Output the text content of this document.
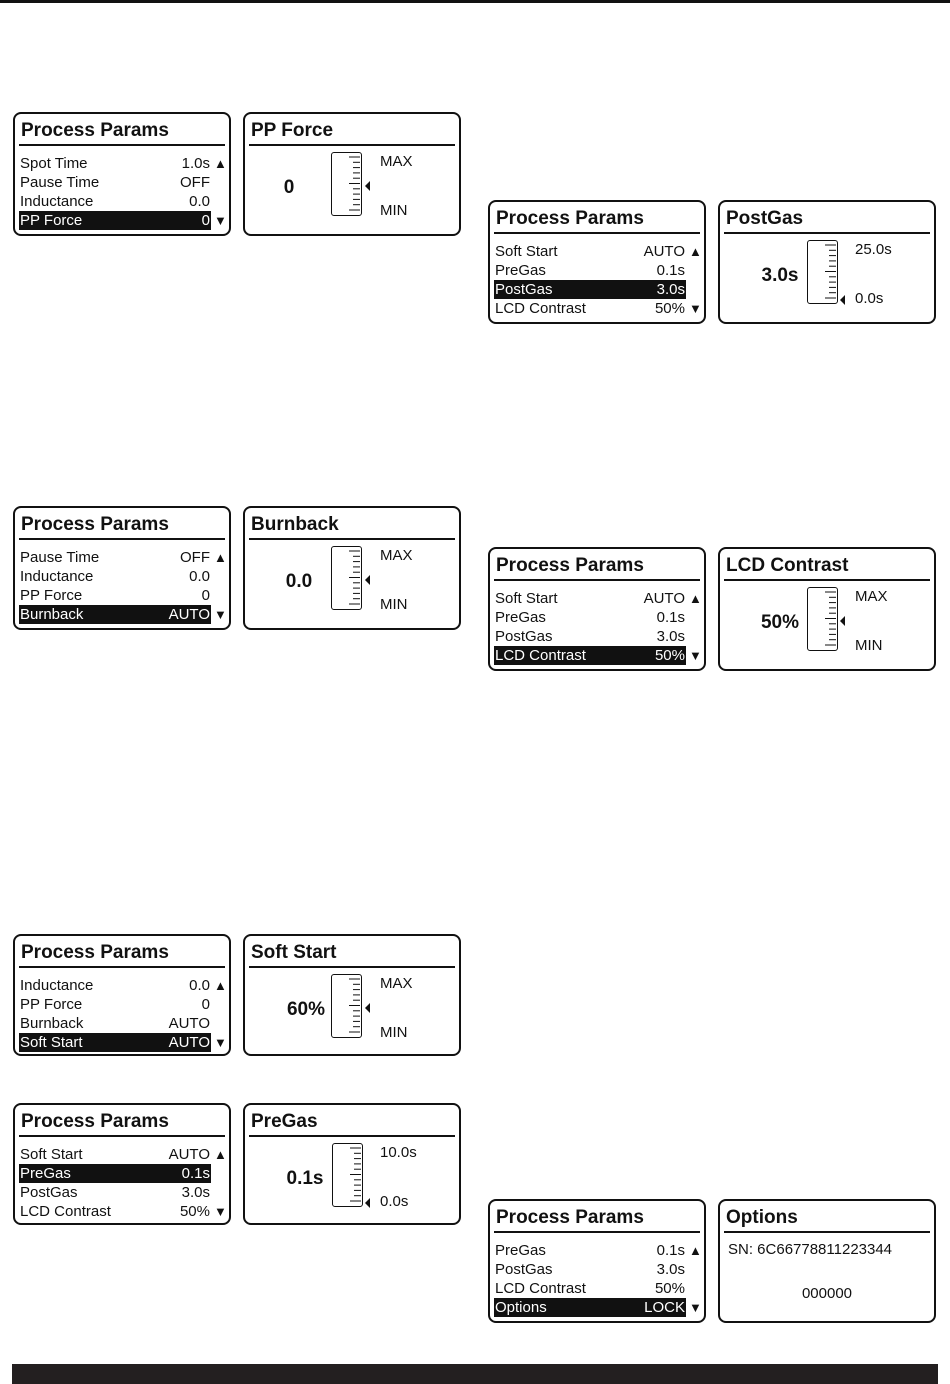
Process Params
Spot Time	1.0s
Pause Time	OFF
Inductance	0.0
PP Force	0
▲
▼
PP Force
0
MAX
MIN	Process Params
Soft Start	AUTO
PreGas	0.1s
PostGas	3.0s
LCD Contrast	50%
▲
▼
PostGas
3.0s
25.0s
0.0s
Process Params
Pause Time	OFF
Inductance	0.0
PP Force	0
Burnback	AUTO
▲
▼
Burnback
0.0
MAX
MIN
Process Params
Soft Start	AUTO
PreGas	0.1s
PostGas	3.0s
LCD Contrast	50%
▲
▼
LCD Contrast
50%
MAX
MIN
Process Params
Inductance	0.0
PP Force	0
Burnback	AUTO
Soft Start	AUTO
▲
▼
Soft Start
60%
MAX
MIN
Process Params
Soft Start	AUTO
PreGas	0.1s
PostGas	3.0s
LCD Contrast	50%
▲
▼
PreGas
0.1s
10.0s
0.0s
Process Params
PreGas	0.1s
PostGas	3.0s
LCD Contrast	50%
Options	LOCK
▲
▼
Options
SN: 6C66778811223344
000000
